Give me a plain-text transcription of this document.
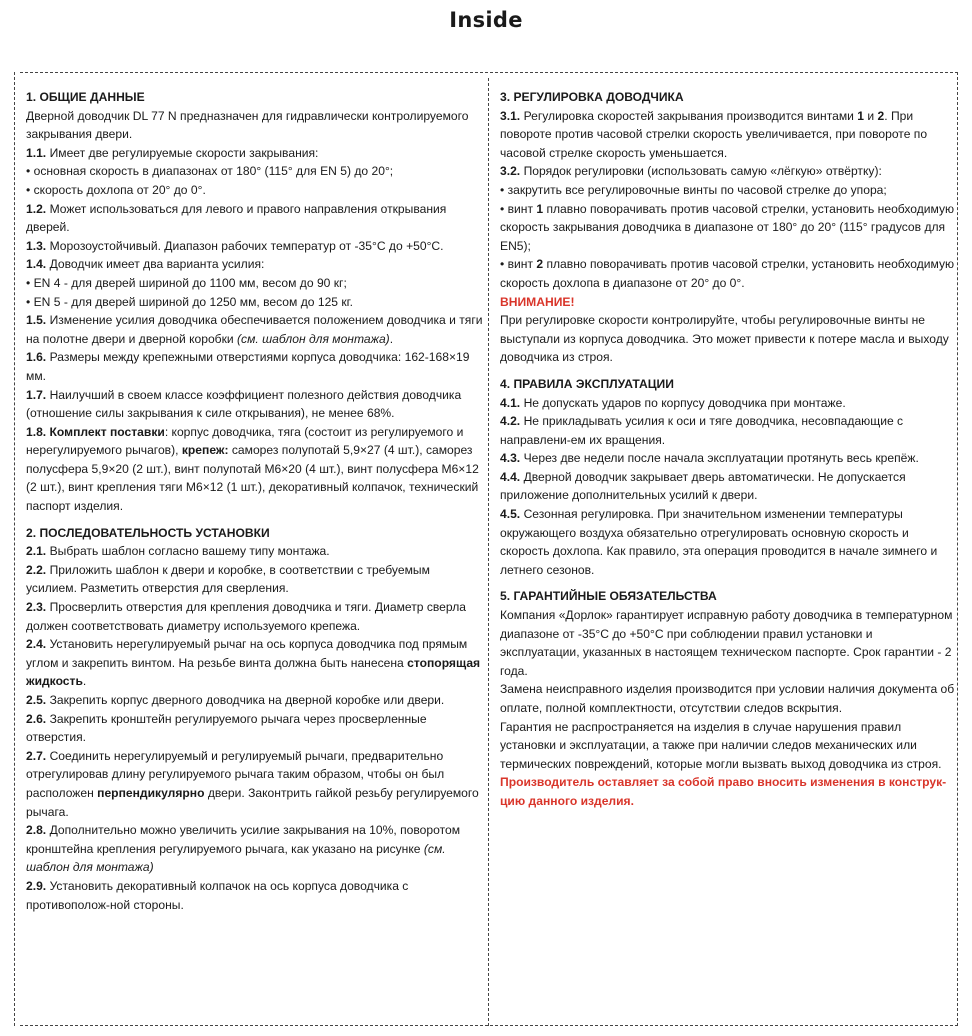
Inside
1. ОБЩИЕ ДАННЫЕ

Дверной доводчик DL 77 N предназначен для гидравлически контролируемого закрывания двери.

1.1. Имеет две регулируемые скорости закрывания:

• основная скорость в диапазонах от 180° (115° для EN 5) до 20°;

• скорость дохлопа от 20° до 0°.

1.2. Может использоваться для левого и правого направления открывания дверей.

1.3. Морозоустойчивый. Диапазон рабочих температур от -35°C до +50°C.

1.4. Доводчик имеет два варианта усилия:

• EN 4 - для дверей шириной до 1100 мм, весом до 90 кг;

• EN 5 - для дверей шириной до 1250 мм, весом до 125 кг.

1.5. Изменение усилия доводчика обеспечивается положением доводчика и тяги на полотне двери и дверной коробки (см. шаблон для монтажа).

1.6. Размеры между крепежными отверстиями корпуса доводчика: 162-168×19 мм.

1.7. Наилучший в своем классе коэффициент полезного действия доводчика (отношение силы закрывания к силе открывания), не менее 68%.

1.8. Комплект поставки: корпус доводчика, тяга (состоит из регулируемого и нерегулируемого рычагов), крепеж: саморез полупотай 5,9×27 (4 шт.), саморез полусфера 5,9×20 (2 шт.), винт полупотай М6×20 (4 шт.), винт полусфера М6×12 (2 шт.), винт крепления тяги М6×12 (1 шт.), декоративный колпачок, технический паспорт изделия.

2. ПОСЛЕДОВАТЕЛЬНОСТЬ УСТАНОВКИ

2.1. Выбрать шаблон согласно вашему типу монтажа.

2.2. Приложить шаблон к двери и коробке, в соответствии с требуемым усилием. Разметить отверстия для сверления.

2.3. Просверлить отверстия для крепления доводчика и тяги. Диаметр сверла должен соответствовать диаметру используемого крепежа.

2.4. Установить нерегулируемый рычаг на ось корпуса доводчика под прямым углом и закрепить винтом. На резьбе винта должна быть нанесена стопорящая жидкость.

2.5. Закрепить корпус дверного доводчика на дверной коробке или двери.

2.6. Закрепить кронштейн регулируемого рычага через просверленные отверстия.

2.7. Соединить нерегулируемый и регулируемый рычаги, предварительно отрегулировав длину регулируемого рычага таким образом, чтобы он был расположен перпендикулярно двери. Законтрить гайкой резьбу регулируемого рычага.

2.8. Дополнительно можно увеличить усилие закрывания на 10%, поворотом кронштейна крепления регулируемого рычага, как указано на рисунке (см. шаблон для монтажа)

2.9. Установить декоративный колпачок на ось корпуса доводчика с противополож-ной стороны.

3. РЕГУЛИРОВКА ДОВОДЧИКА

3.1. Регулировка скоростей закрывания производится винтами 1 и 2. При повороте против часовой стрелки скорость увеличивается, при повороте по часовой стрелке скорость уменьшается.

3.2. Порядок регулировки (использовать самую «лёгкую» отвёртку):

• закрутить все регулировочные винты по часовой стрелке до упора;

• винт 1 плавно поворачивать против часовой стрелки, установить необходимую скорость закрывания доводчика в диапазоне от 180° до 20° (115° градусов для EN5);

• винт 2 плавно поворачивать против часовой стрелки, установить необходимую скорость дохлопа в диапазоне от 20° до 0°.

ВНИМАНИЕ!

При регулировке скорости контролируйте, чтобы регулировочные винты не выступали из корпуса доводчика. Это может привести к потере масла и выходу доводчика из строя.

4. ПРАВИЛА ЭКСПЛУАТАЦИИ

4.1. Не допускать ударов по корпусу доводчика при монтаже.

4.2. Не прикладывать усилия к оси и тяге доводчика, несовпадающие с направлени-ем их вращения.

4.3. Через две недели после начала эксплуатации протянуть весь крепёж.

4.4. Дверной доводчик закрывает дверь автоматически. Не допускается приложение дополнительных усилий к двери.

4.5. Сезонная регулировка. При значительном изменении температуры окружающего воздуха обязательно отрегулировать основную скорость и скорость дохлопа. Как правило, эта операция проводится в начале зимнего и летнего сезонов.

5. ГАРАНТИЙНЫЕ ОБЯЗАТЕЛЬСТВА

Компания «Дорлок» гарантирует исправную работу доводчика в температурном диапазоне от -35°C до +50°C при соблюдении правил установки и эксплуатации, указанных в настоящем техническом паспорте. Срок гарантии - 2 года.

Замена неисправного изделия производится при условии наличия документа об оплате, полной комплектности, отсутствии следов вскрытия.

Гарантия не распространяется на изделия в случае нарушения правил установки и эксплуатации, а также при наличии следов механических или термических повреждений, которые могли вызвать выход доводчика из строя.

Производитель оставляет за собой право вносить изменения в конструк-цию данного изделия.
